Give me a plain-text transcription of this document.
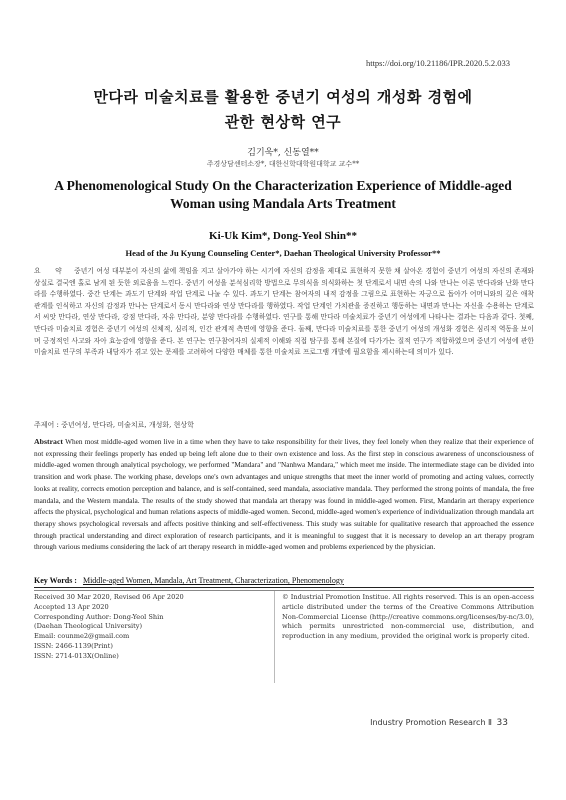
https://doi.org/10.21186/IPR.2020.5.2.033
만다라 미술치료를 활용한 중년기 여성의 개성화 경험에
관한 현상학 연구
김기욱*, 신동열**
주경상담센터소장*, 대한신학대학원대학교 교수**
A Phenomenological Study On the Characterization Experience of Middle-aged Woman using Mandala Arts Treatment
Ki-Uk Kim*, Dong-Yeol Shin**
Head of the Ju Kyung Counseling Center*, Daehan Theological University Professor**
요 약 중년기 여성 대부분이 자신의 삶에 책임을 지고 살아가야 하는 시기에 자신의 감정을 제대로 표현하지 못한 채 살아온 경험이 중년기 여성의 자신의 존재와 상실로 결국엔 홀로 남게 된 듯한 외로움을 느낀다. 중년기 여성을 분석심리학 방법으로 무의식을 의식화하는 첫 단계로서 내면 속의 나와 만나는 이론 만다라와 난화 만다라를 수행하였다. 중간 단계는 과도기 단계와 작업 단계로 나눌 수 있다. 과도기 단계는 참여자의 내적 감정을 그림으로 표현하는 자긍으로 돕아가 어머니와의 깊은 애착 관계를 인식하고 자신의 감정과 만나는 단계로서 동시 만다라와 연상 만다라를 행하였다. 작업 단계인 가치관을 증진하고 행동하는 내면과 만나는 자신을 수용하는 단계로서 씨앗 만다라, 연상 만다라, 강점 만다라, 자유 만다라, 분양 만다라를 수행하였다. 연구를 통해 만다라 미술치료가 중년기 여성에게 나타나는 결과는 다음과 같다. 첫째, 만다라 미술치료 경험은 중년기 여성의 신체적, 심리적, 인간 관계적 측면에 영향을 준다. 둘째, 만다라 미술치료를 통한 중년기 여성의 개성화 경험은 심리적 역동을 보이며 긍정적인 사고와 자아 효능감에 영향을 준다. 본 연구는 연구참여자의 실제적 이해와 직접 탐구를 통해 본질에 다가가는 질적 연구가 적합하였으며 중년기 여성에 관한 미술치료 연구의 부족과 내담자가 겪고 있는 문제를 고려하여 다양한 매체를 통한 미술치료 프로그램 개발에 필요함을 제시하는데 의미가 있다.
주제어 : 중년여성, 만다라, 미술치료, 개성화, 현상학
Abstract When most middle-aged women live in a time when they have to take responsibility for their lives, they feel lonely when they realize that their experience of not expressing their feelings properly has ended up being left alone due to their own existence and loss. As the first step in conscious awareness of unconsciousness of middle-aged women through analytical psychology, we performed "Mandara" and "Nanhwa Mandara," which meet me inside. The intermediate stage can be divided into transition and work phase. The working phase, develops one's own advantages and unique strengths that meet the inner world of promoting and acting values, correctly looks at reality, corrects emotion perception and balance, and is self-contained, seed mandala, associative mandala. They performed the strong points of mandala, the free mandala, and the Western mandala. The results of the study showed that mandala art therapy was found in middle-aged women. First, Mandarin art therapy experience affects the physical, psychological and human relations aspects of middle-aged women. Second, middle-aged women's experience of individualization through mandala art therapy shows psychological reversals and affects positive thinking and self-effectiveness. This study was suitable for qualitative research that approached the essence through practical understanding and direct exploration of research participants, and it is meaningful to suggest that it is necessary to develop an art therapy program through various mediums considering the lack of art therapy research in middle-aged women and problems experienced by the physician.
Key Words : Middle-aged Women, Mandala, Art Treatment, Characterization, Phenomenology
Received 30 Mar 2020, Revised 06 Apr 2020
Accepted 13 Apr 2020
Corresponding Author: Dong-Yeol Shin
(Daehan Theological University)
Email: counme2@gmail.com
ISSN: 2466-1139(Print)
ISSN: 2714-013X(Online)
© Industrial Promotion Institue. All rights reserved. This is an open-access article distributed under the terms of the Creative Commons Attribution Non-Commercial License (http://creative commons.org/licenses/by-nc/3.0), which permits unrestricted non-commercial use, distribution, and reproduction in any medium, provided the original work is properly cited.
Industry Promotion Research Ⅱ 33
